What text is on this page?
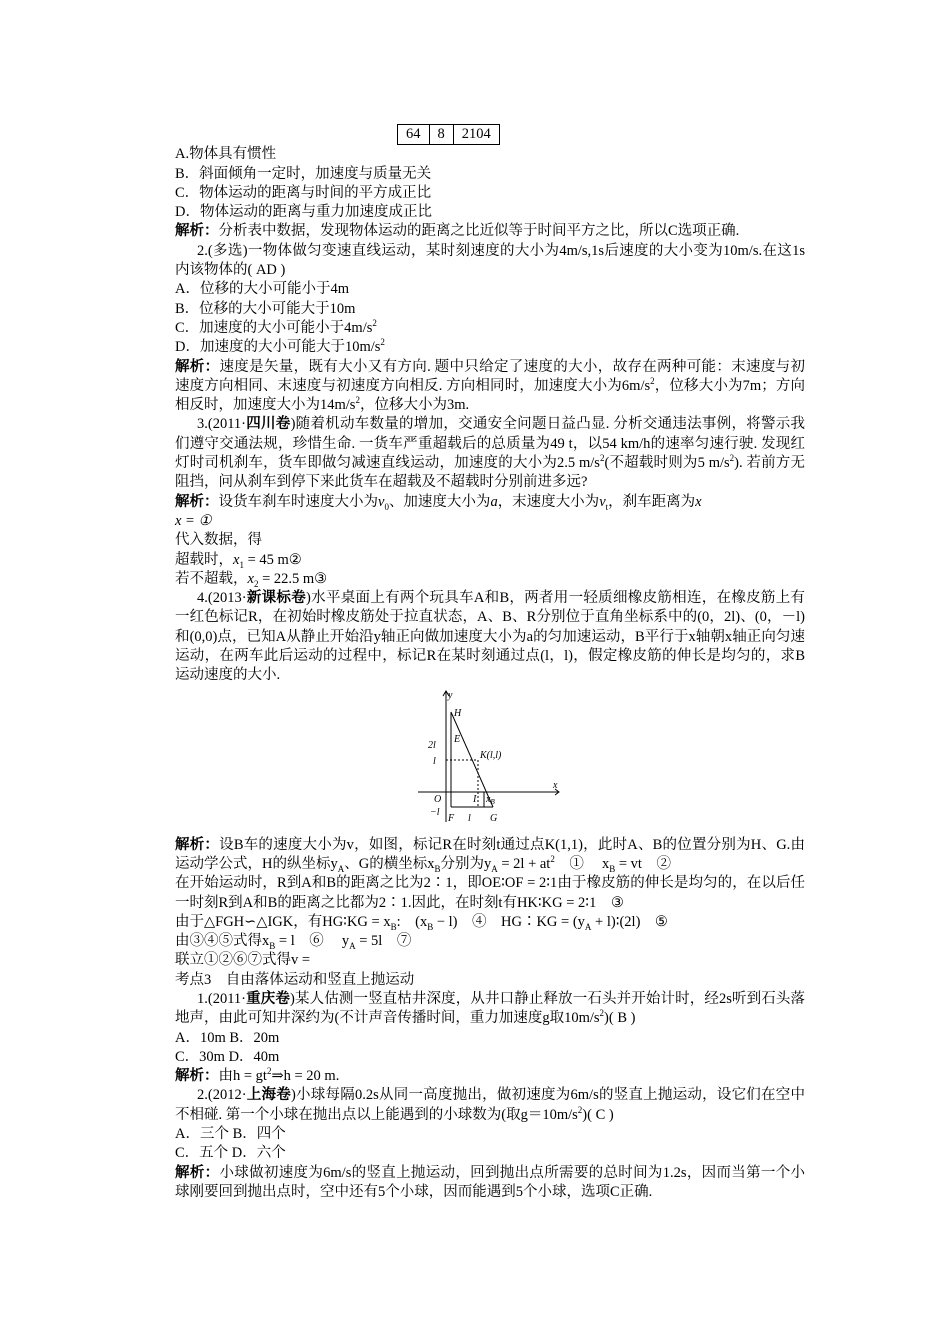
64	8	2104

A.物体具有惯性

B．斜面倾角一定时，加速度与质量无关

C．物体运动的距离与时间的平方成正比

D．物体运动的距离与重力加速度成正比

解析：分析表中数据，发现物体运动的距离之比近似等于时间平方之比，所以C选项正确.

2.(多选)一物体做匀变速直线运动，某时刻速度的大小为4m/s,1s后速度的大小变为10m/s.在这1s内该物体的( AD )

A．位移的大小可能小于4m

B．位移的大小可能大于10m

C．加速度的大小可能小于$4m/s^2$

D．加速度的大小可能大于$10m/s^2$

解析：速度是矢量，既有大小又有方向. 题中只给定了速度的大小，故存在两种可能：末速度与初速度方向相同、末速度与初速度方向相反. 方向相同时，加速度大小为$6m/s^2$，位移大小为7m；方向相反时，加速度大小为$14m/s^2$，位移大小为3m.

3.(2011·四川卷)随着机动车数量的增加，交通安全问题日益凸显. 分析交通违法事例，将警示我们遵守交通法规，珍惜生命. 一货车严重超载后的总质量为49 t，以54 km/h的速率匀速行驶. 发现红灯时司机刹车，货车即做匀减速直线运动，加速度的大小为2.5 $m/s^2$(不超载时则为5 $m/s^2$). 若前方无阻挡，问从刹车到停下来此货车在超载及不超载时分别前进多远?

解析：设货车刹车时速度大小为$v_0$、加速度大小为a，末速度大小为$v_t$，刹车距离为x

x = ①

代入数据，得

超载时，$x_1 = 45$ m②

若不超载，$x_2 = 22.5$ m③

4.(2013·新课标卷)水平桌面上有两个玩具车A和B，两者用一轻质细橡皮筋相连，在橡皮筋上有一红色标记R，在初始时橡皮筋处于拉直状态，A、B、R分别位于直角坐标系中的(0，2l)、(0，－l)和(0,0)点，已知A从静止开始沿y轴正向做加速度大小为a的匀加速运动，B平行于x轴朝x轴正向匀速运动，在两车此后运动的过程中，标记R在某时刻通过点(l，l)，假定橡皮筋的伸长是均匀的，求B运动速度的大小.

y
x
H
E
K(l,l)
2l
l
O
−l
F l G
I $x_B$

解析：设B车的速度大小为v，如图，标记R在时刻t通过点K(1,1)，此时A、B的位置分别为H、G.由运动学公式，H的纵坐标$y_A$、G的横坐标$x_B$分别为$y_A = 2l + at^2$　①　 $x_B$ = vt　②

在开始运动时，R到A和B的距离之比为2∶1，即OE∶OF = 2∶1由于橡皮筋的伸长是均匀的，在以后任一时刻R到A和B的距离之比都为2∶1.因此，在时刻t有HK∶KG = 2∶1　③

由于△FGH∽△IGK，有HG∶KG = $x_B$:　$(x_B - l)$　④　HG∶KG = ($y_A$ + l)∶(2l)　⑤

由③④⑤式得$x_B = l$　⑥　 $y_A = 5l$　⑦

联立①②⑥⑦式得v =

考点3　自由落体运动和竖直上抛运动

1.(2011·重庆卷)某人估测一竖直枯井深度，从井口静止释放一石头并开始计时，经2s听到石头落地声，由此可知井深约为(不计声音传播时间，重力加速度g取$10m/s^2$)( B )

A．10m B．20m

C．30m D．40m

解析：由$h = gt^2\Rightarrow h = 20$ m.

2.(2012·上海卷)小球每隔0.2s从同一高度抛出，做初速度为6m/s的竖直上抛运动，设它们在空中不相碰. 第一个小球在抛出点以上能遇到的小球数为(取$g=10m/s^2$)( C )

A．三个 B．四个

C．五个 D．六个

解析：小球做初速度为6m/s的竖直上抛运动，回到抛出点所需要的总时间为1.2s，因而当第一个小球刚要回到抛出点时，空中还有5个小球，因而能遇到5个小球，选项C正确.
